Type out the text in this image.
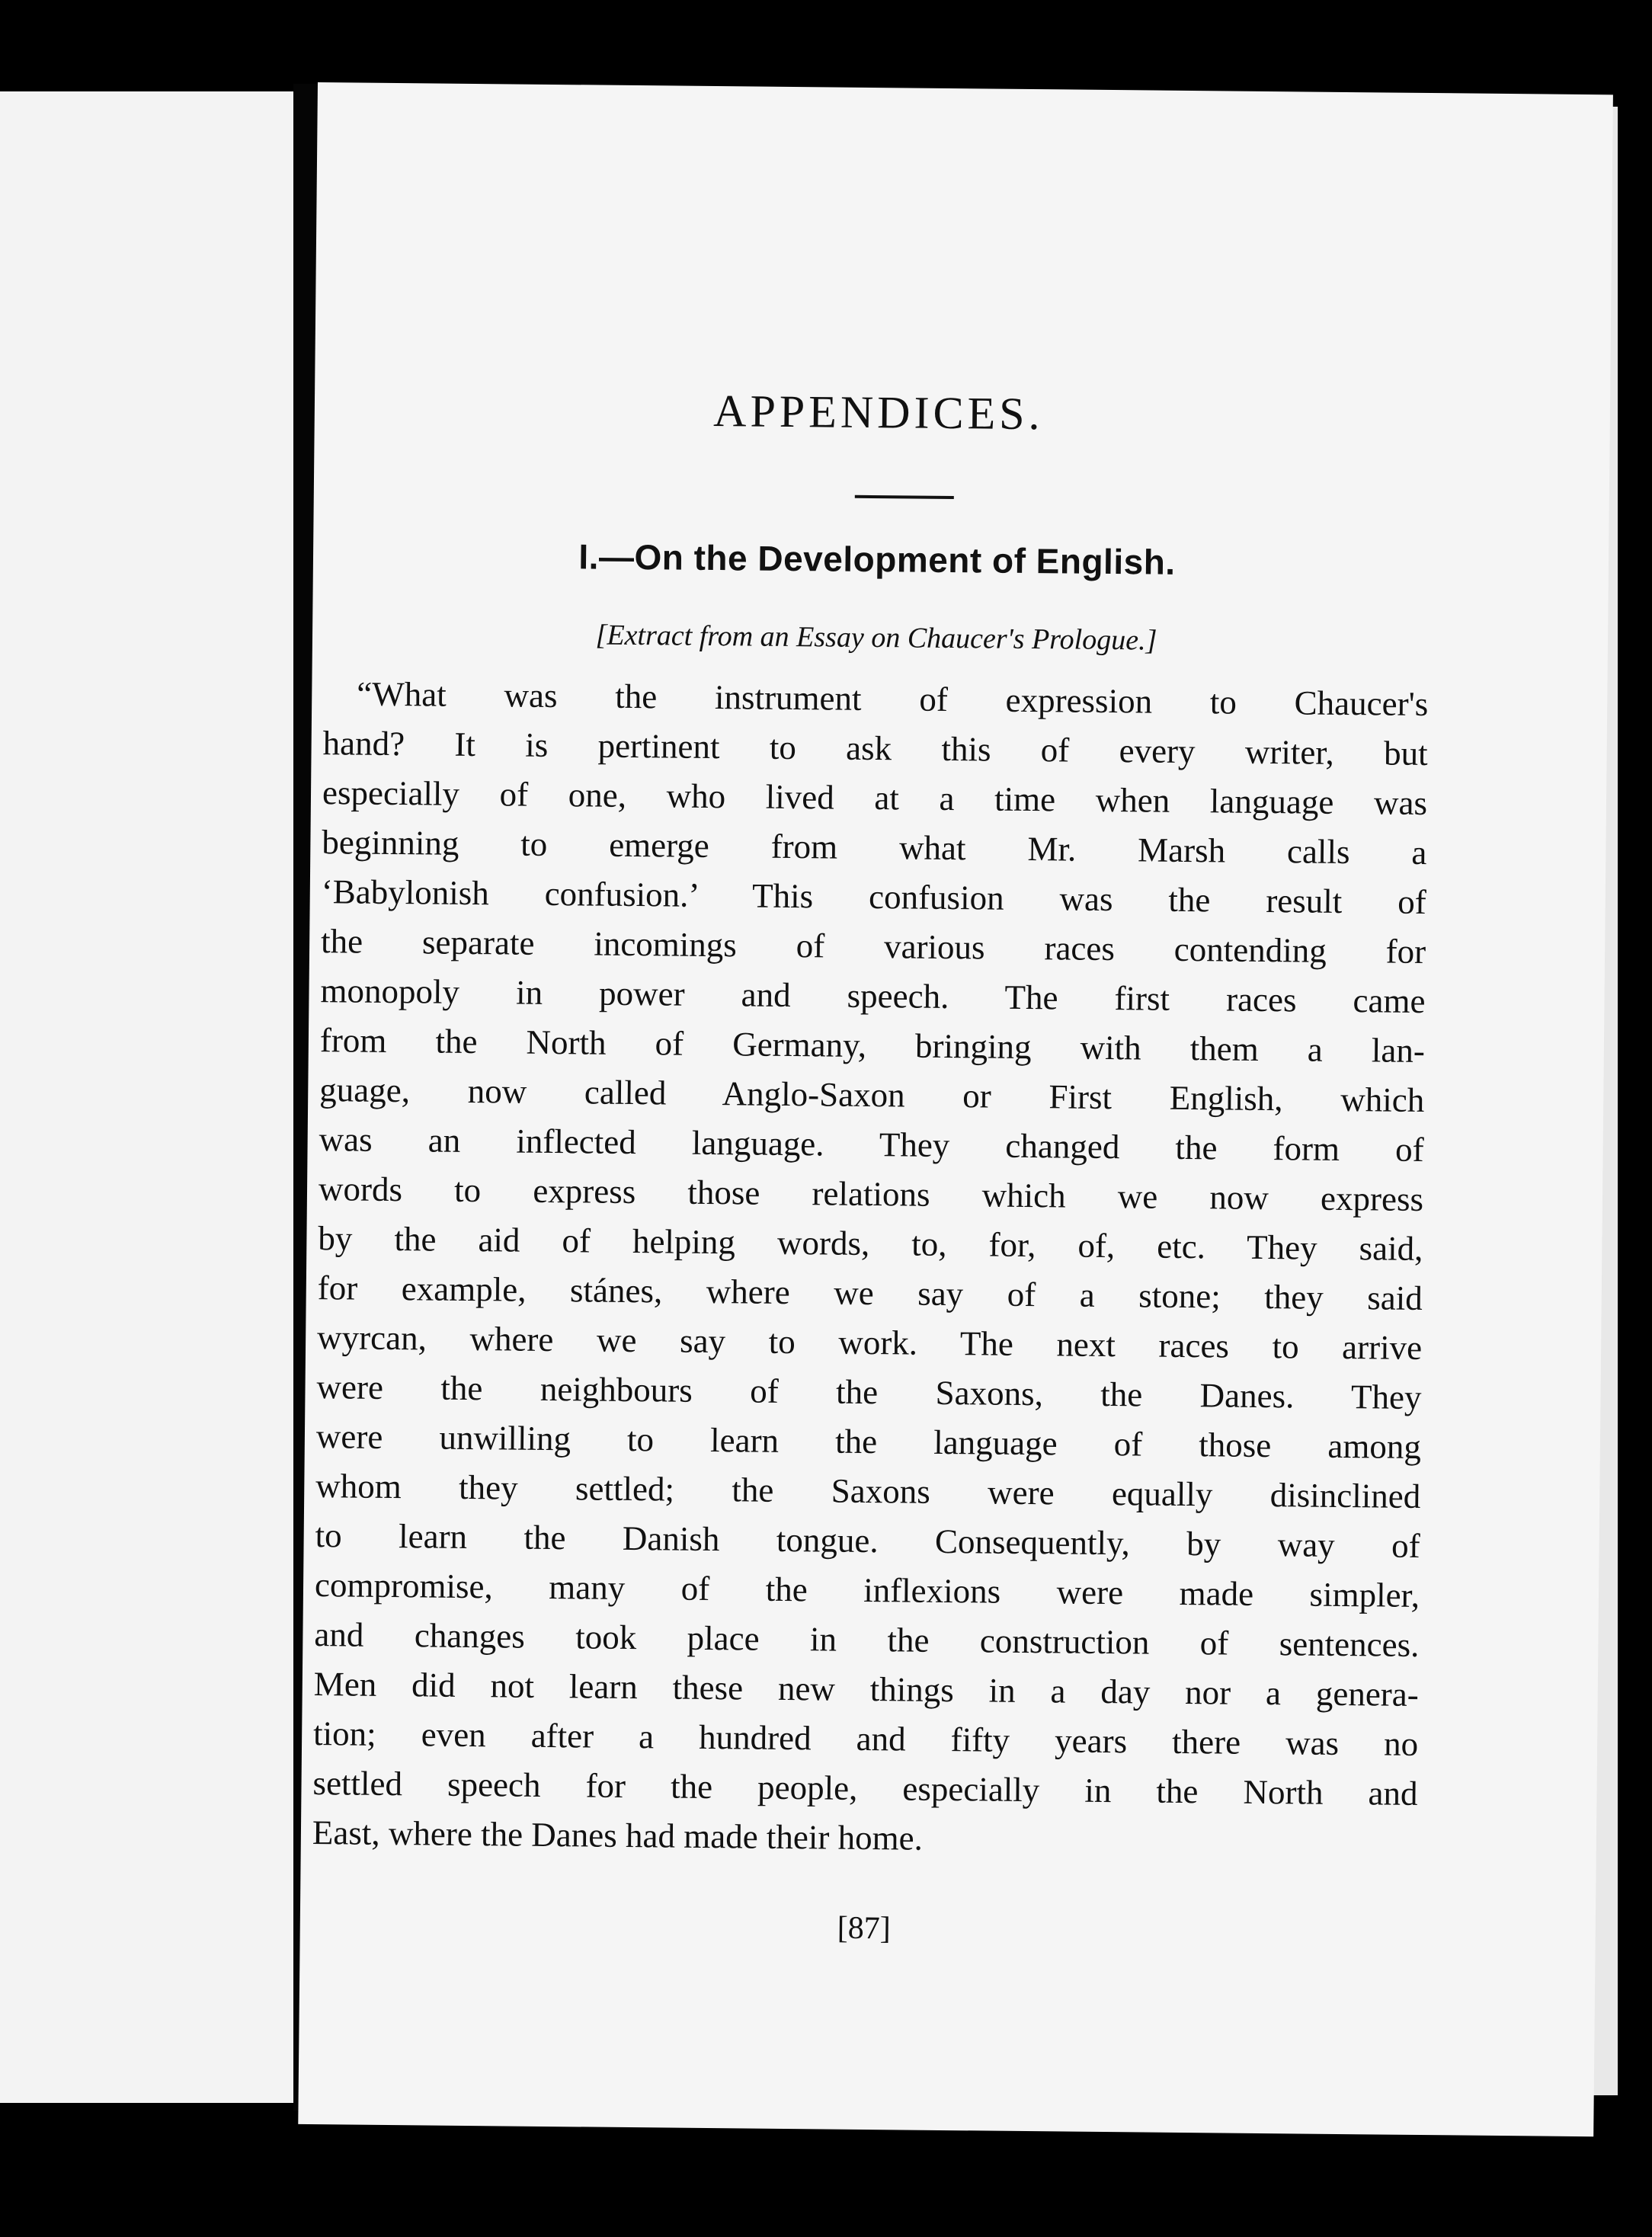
APPENDICES.
I.—On the Development of English.

[Extract from an Essay on Chaucer's Prologue.]

“What was the instrument of expression to Chaucer's
hand? It is pertinent to ask this of every writer, but
especially of one, who lived at a time when language was
beginning to emerge from what Mr. Marsh calls a
‘Babylonish confusion.’ This confusion was the result of
the separate incomings of various races contending for
monopoly in power and speech. The first races came
from the North of Germany, bringing with them a lan-
guage, now called Anglo-Saxon or First English, which
was an inflected language. They changed the form of
words to express those relations which we now express
by the aid of helping words, to, for, of, etc. They said,
for example, stánes, where we say of a stone; they said
wyrcan, where we say to work. The next races to arrive
were the neighbours of the Saxons, the Danes. They
were unwilling to learn the language of those among
whom they settled; the Saxons were equally disinclined
to learn the Danish tongue. Consequently, by way of
compromise, many of the inflexions were made simpler,
and changes took place in the construction of sentences.
Men did not learn these new things in a day nor a genera-
tion; even after a hundred and fifty years there was no
settled speech for the people, especially in the North and
East, where the Danes had made their home.

[87]
